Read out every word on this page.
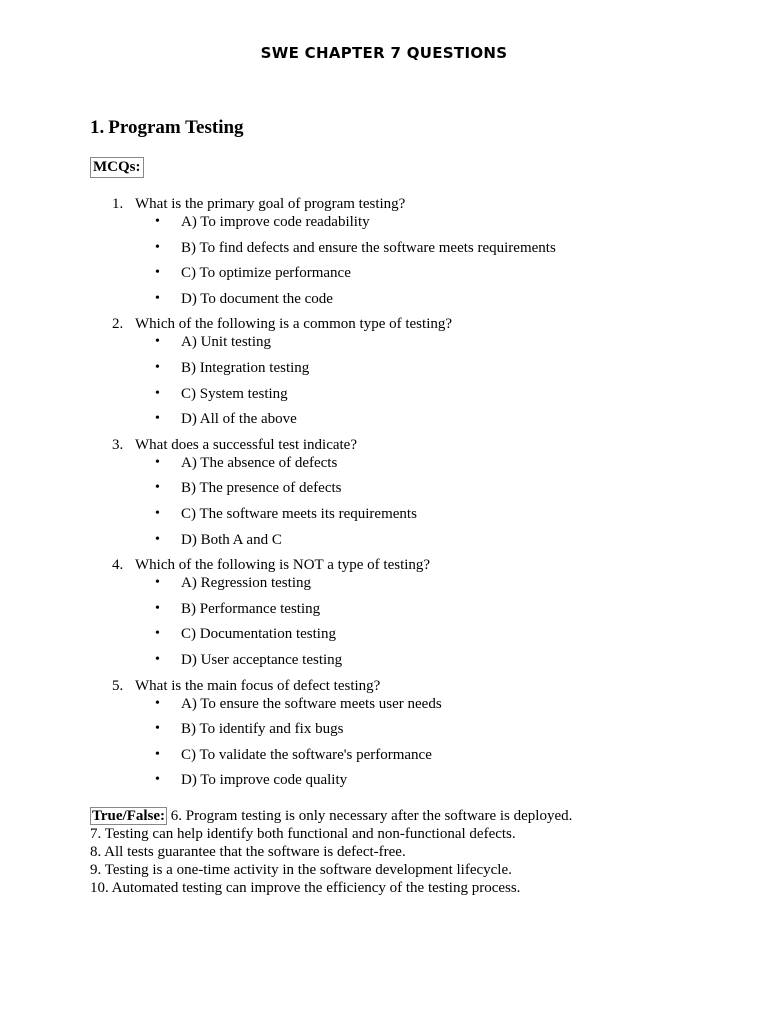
SWE CHAPTER 7 QUESTIONS
1. Program Testing
MCQs:
1. What is the primary goal of program testing?
• A) To improve code readability
• B) To find defects and ensure the software meets requirements
• C) To optimize performance
• D) To document the code
2. Which of the following is a common type of testing?
• A) Unit testing
• B) Integration testing
• C) System testing
• D) All of the above
3. What does a successful test indicate?
• A) The absence of defects
• B) The presence of defects
• C) The software meets its requirements
• D) Both A and C
4. Which of the following is NOT a type of testing?
• A) Regression testing
• B) Performance testing
• C) Documentation testing
• D) User acceptance testing
5. What is the main focus of defect testing?
• A) To ensure the software meets user needs
• B) To identify and fix bugs
• C) To validate the software's performance
• D) To improve code quality
True/False: 6. Program testing is only necessary after the software is deployed.
7. Testing can help identify both functional and non-functional defects.
8. All tests guarantee that the software is defect-free.
9. Testing is a one-time activity in the software development lifecycle.
10. Automated testing can improve the efficiency of the testing process.
